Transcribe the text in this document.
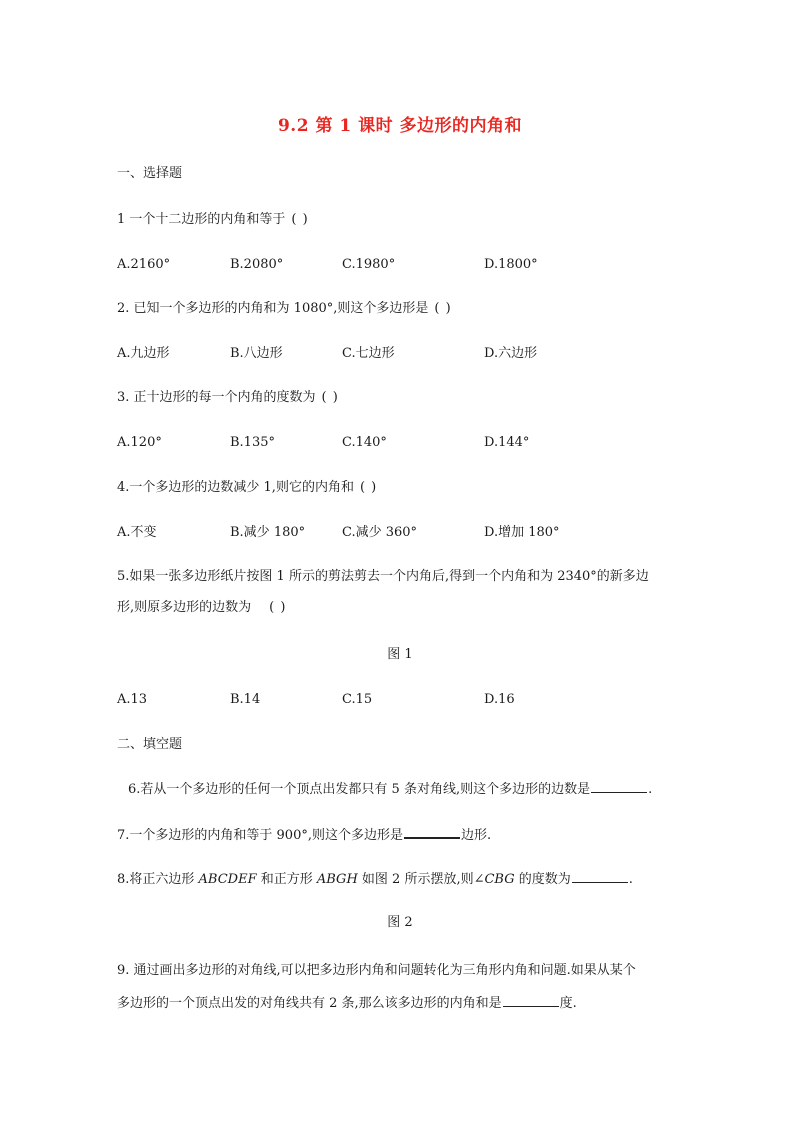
9.2 第 1 课时 多边形的内角和
一、选择题
1 一个十二边形的内角和等于 ( )
A.2160°	B.2080°	C.1980°	D.1800°
2. 已知一个多边形的内角和为 1080°,则这个多边形是 ( )
A.九边形	B.八边形	C.七边形	D.六边形
3. 正十边形的每一个内角的度数为 ( )
A.120°	B.135°	C.140°	D.144°
4.一个多边形的边数减少 1,则它的内角和 ( )
A.不变	B.减少 180°	C.减少 360°	D.增加 180°
5.如果一张多边形纸片按图 1 所示的剪法剪去一个内角后,得到一个内角和为 2340°的新多边
形,则原多边形的边数为 ( )
图 1
A.13	B.14	C.15	D.16
二、填空题
6.若从一个多边形的任何一个顶点出发都只有 5 条对角线,则这个多边形的边数是	.
7.一个多边形的内角和等于 900°,则这个多边形是	边形.
8.将正六边形 ABCDEF 和正方形 ABGH 如图 2 所示摆放,则∠CBG 的度数为	.
图 2
9. 通过画出多边形的对角线,可以把多边形内角和问题转化为三角形内角和问题.如果从某个
多边形的一个顶点出发的对角线共有 2 条,那么该多边形的内角和是	度.
